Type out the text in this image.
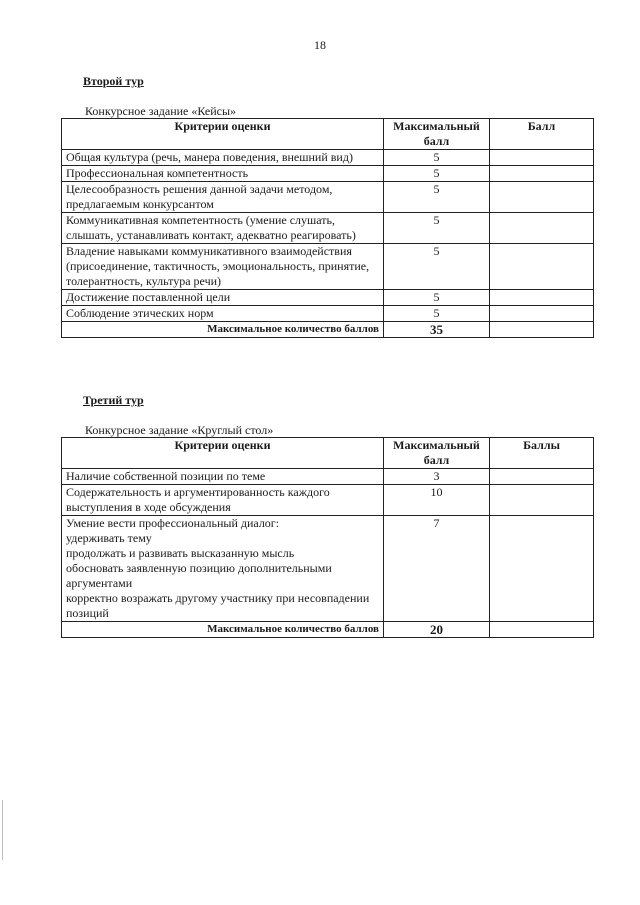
18
Второй тур
Конкурсное задание «Кейсы»
Критерии оценки	Максимальный балл	Балл
Общая культура (речь, манера поведения, внешний вид)	5	
Профессиональная компетентность	5	
Целесообразность решения данной задачи методом, предлагаемым конкурсантом	5	
Коммуникативная компетентность (умение слушать, слышать, устанавливать контакт, адекватно реагировать)	5	
Владение навыками коммуникативного взаимодействия (присоединение, тактичность, эмоциональность, принятие, толерантность, культура речи)	5	
Достижение поставленной цели	5	
Соблюдение этических норм	5	
Максимальное количество баллов	35	
Третий тур
Конкурсное задание «Круглый стол»
Критерии оценки	Максимальный балл	Баллы
Наличие собственной позиции по теме	3	
Содержательность и аргументированность каждого выступления в ходе обсуждения	10	

Умение вести профессиональный диалог:
удерживать тему
продолжать и развивать высказанную мысль
обосновать заявленную позицию дополнительными аргументами
корректно возражать другому участнику при несовпадении позиций	7	
Максимальное количество баллов	20	
